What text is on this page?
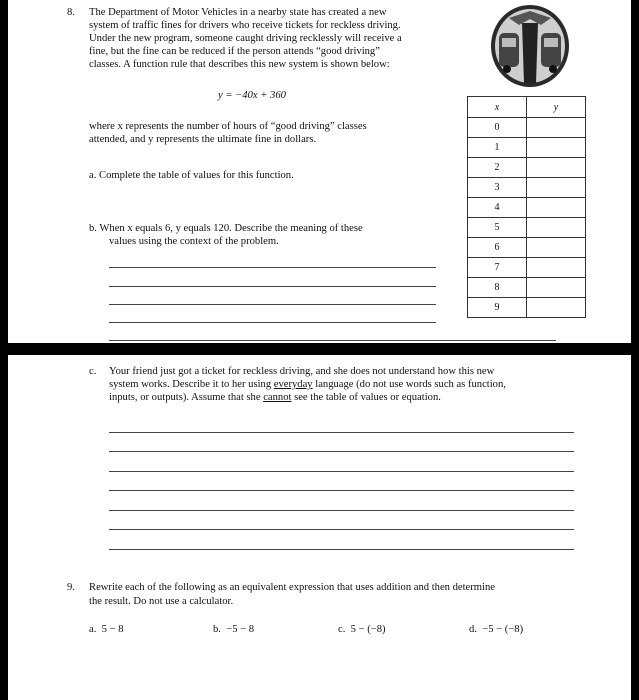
8. The Department of Motor Vehicles in a nearby state has created a new
system of traffic fines for drivers who receive tickets for reckless driving.
Under the new program, someone caught driving recklessly will receive a
fine, but the fine can be reduced if the person attends “good driving”
classes. A function rule that describes this new system is shown below:
y = −40x + 360
where x represents the number of hours of “good driving” classes
attended, and y represents the ultimate fine in dollars.
a. Complete the table of values for this function.
b. When x equals 6, y equals 120. Describe the meaning of these
values using the context of the problem.
x	y
0	
1	
2	
3	
4	
5	
6	
7	
8	
9	
c. Your friend just got a ticket for reckless driving, and she does not understand how this new
system works. Describe it to her using everyday language (do not use words such as function,
inputs, or outputs). Assume that she cannot see the table of values or equation.
9. Rewrite each of the following as an equivalent expression that uses addition and then determine
the result. Do not use a calculator.
a. 5 − 8	b. −5 − 8	c. 5 − (−8)	d. −5 − (−8)
